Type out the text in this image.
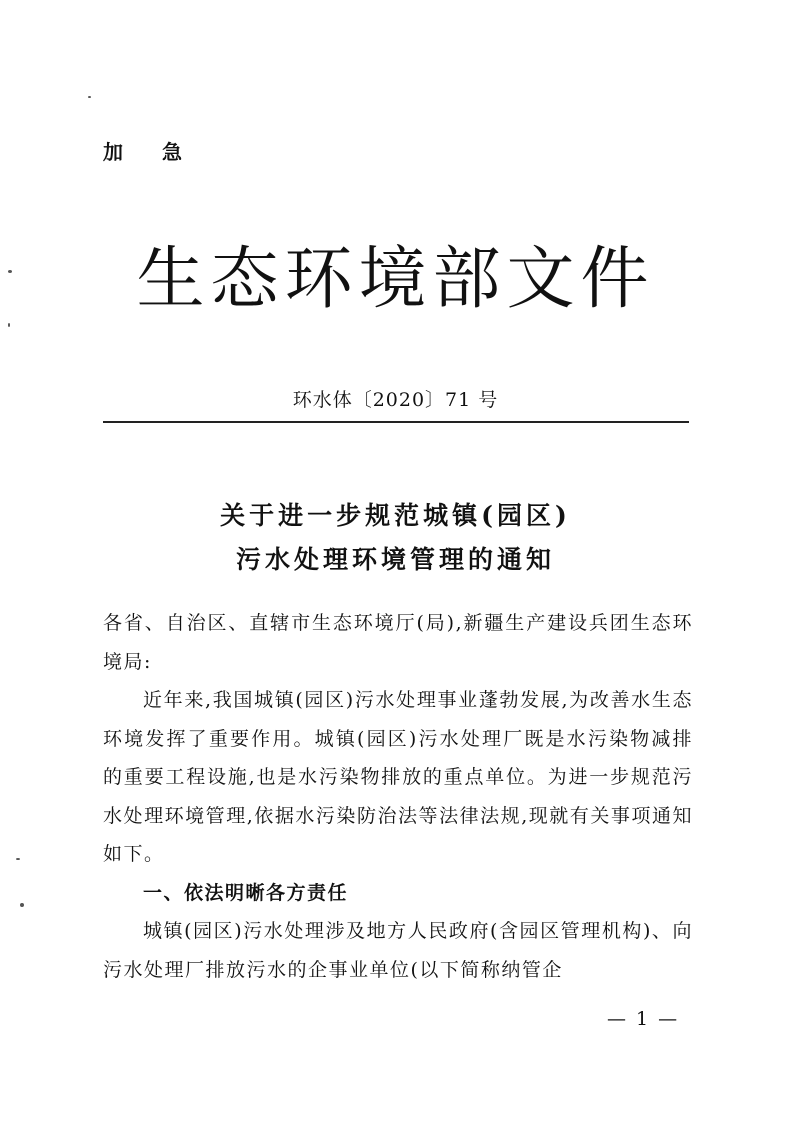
加 急
生态环境部文件
环水体〔2020〕71 号
关于进一步规范城镇(园区)
污水处理环境管理的通知

各省、自治区、直辖市生态环境厅(局),新疆生产建设兵团生态环境局:

近年来,我国城镇(园区)污水处理事业蓬勃发展,为改善水生态环境发挥了重要作用。城镇(园区)污水处理厂既是水污染物减排的重要工程设施,也是水污染物排放的重点单位。为进一步规范污水处理环境管理,依据水污染防治法等法律法规,现就有关事项通知如下。

一、依法明晰各方责任

城镇(园区)污水处理涉及地方人民政府(含园区管理机构)、向污水处理厂排放污水的企事业单位(以下简称纳管企

— 1 —
